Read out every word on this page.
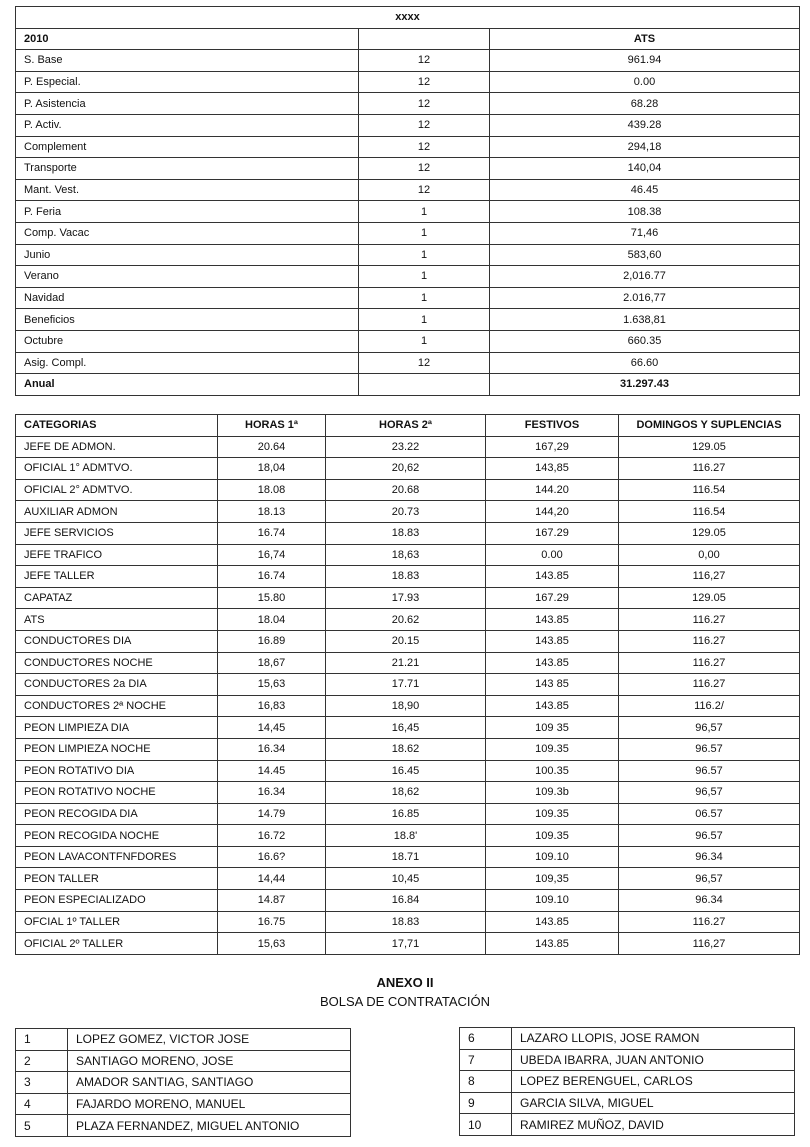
xxxx		
2010		ATS
S. Base	12	961.94
P. Especial.	12	0.00
P. Asistencia	12	68.28
P. Activ.	12	439.28
Complement	12	294,18
Transporte	12	140,04
Mant. Vest.	12	46.45
P. Feria	1	108.38
Comp. Vacac	1	71,46
Junio	1	583,60
Verano	1	2,016.77
Navidad	1	2.016,77
Beneficios	1	1.638,81
Octubre	1	660.35
Asig. Compl.	12	66.60
Anual		31.297.43
CATEGORIAS	HORAS 1ª	HORAS 2ª	FESTIVOS	DOMINGOS Y SUPLENCIAS
JEFE DE ADMON.	20.64	23.22	167,29	129.05
OFICIAL 1° ADMTVO.	18,04	20,62	143,85	116.27
OFICIAL 2° ADMTVO.	18.08	20.68	144.20	116.54
AUXILIAR ADMON	18.13	20.73	144,20	116.54
JEFE SERVICIOS	16.74	18.83	167.29	129.05
JEFE TRAFICO	16,74	18,63	0.00	0,00
JEFE TALLER	16.74	18.83	143.85	116,27
CAPATAZ	15.80	17.93	167.29	129.05
ATS	18.04	20.62	143.85	116.27
CONDUCTORES DIA	16.89	20.15	143.85	116.27
CONDUCTORES NOCHE	18,67	21.21	143.85	116.27
CONDUCTORES 2a DIA	15,63	17.71	143 85	116.27
CONDUCTORES 2ª NOCHE	16,83	18,90	143.85	116.2/
PEON LIMPIEZA DIA	14,45	16,45	109 35	96,57
PEON LIMPIEZA NOCHE	16.34	18.62	109.35	96.57
PEON ROTATIVO DIA	14.45	16.45	100.35	96.57
PEON ROTATIVO NOCHE	16.34	18,62	109.3b	96,57
PEON RECOGIDA DIA	14.79	16.85	109.35	06.57
PEON RECOGIDA NOCHE	16.72	18.8'	109.35	96.57
PEON LAVACONTFNFDORES	16.6?	18.71	109.10	96.34
PEON TALLER	14,44	10,45	109,35	96,57
PEON ESPECIALIZADO	14.87	16.84	109.10	96.34
OFCIAL 1º TALLER	16.75	18.83	143.85	116.27
OFICIAL 2º TALLER	15,63	17,71	143.85	116,27
ANEXO II
BOLSA DE CONTRATACIÓN
1	LOPEZ GOMEZ, VICTOR JOSE
2	SANTIAGO MORENO, JOSE
3	AMADOR SANTIAG, SANTIAGO
4	FAJARDO MORENO, MANUEL
5	PLAZA FERNANDEZ, MIGUEL ANTONIO
6	LAZARO LLOPIS, JOSE RAMON
7	UBEDA IBARRA, JUAN ANTONIO
8	LOPEZ BERENGUEL, CARLOS
9	GARCIA SILVA, MIGUEL
10	RAMIREZ MUÑOZ, DAVID
